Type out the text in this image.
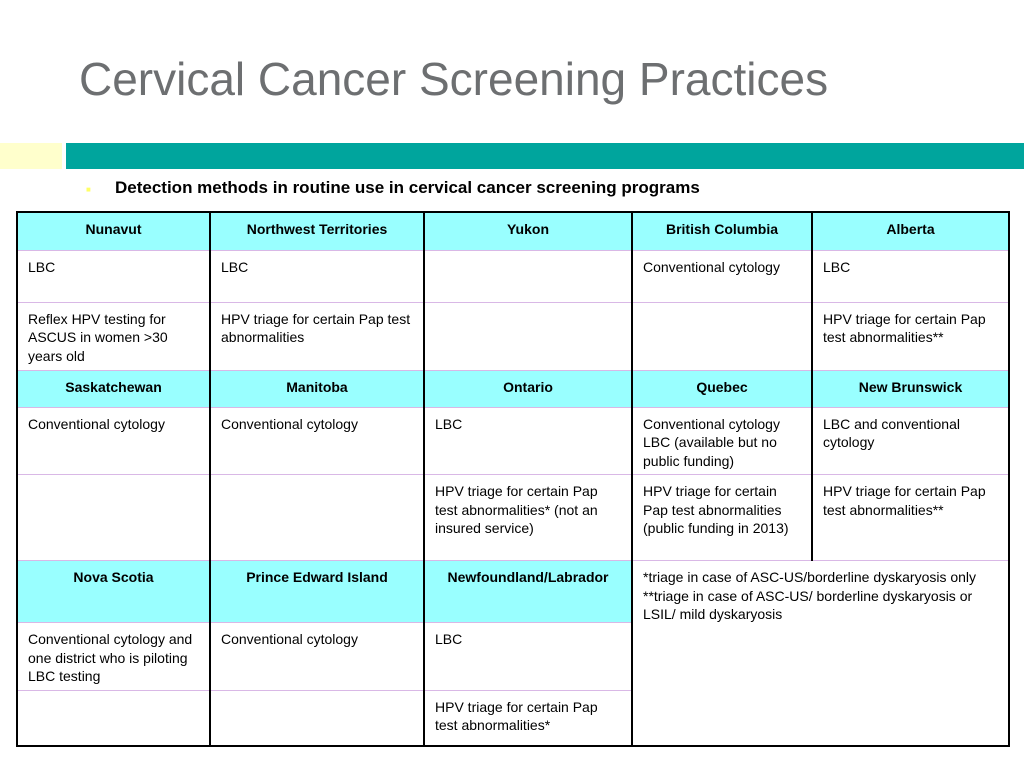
Cervical Cancer Screening Practices
■ Detection methods in routine use in cervical cancer screening programs

Nunavut	Northwest Territories	Yukon	British Columbia	Alberta
LBC	LBC		Conventional cytology	LBC
Reflex HPV testing for ASCUS in women >30 years old	HPV triage for certain Pap test abnormalities			HPV triage for certain Pap test abnormalities**
Saskatchewan	Manitoba	Ontario	Quebec	New Brunswick
Conventional cytology	Conventional cytology	LBC	Conventional cytology LBC (available but no public funding)	LBC and conventional cytology
		HPV triage for certain Pap test abnormalities* (not an insured service)	HPV triage for certain Pap test abnormalities (public funding in 2013)	HPV triage for certain Pap test abnormalities**
Nova Scotia	Prince Edward Island	Newfoundland/Labrador	*triage in case of ASC-US/borderline dyskaryosis only
**triage in case of ASC-US/ borderline dyskaryosis or LSIL/ mild dyskaryosis	

Conventional cytology and one district who is piloting LBC testing	Conventional cytology	LBC		
		HPV triage for certain Pap test abnormalities*		
